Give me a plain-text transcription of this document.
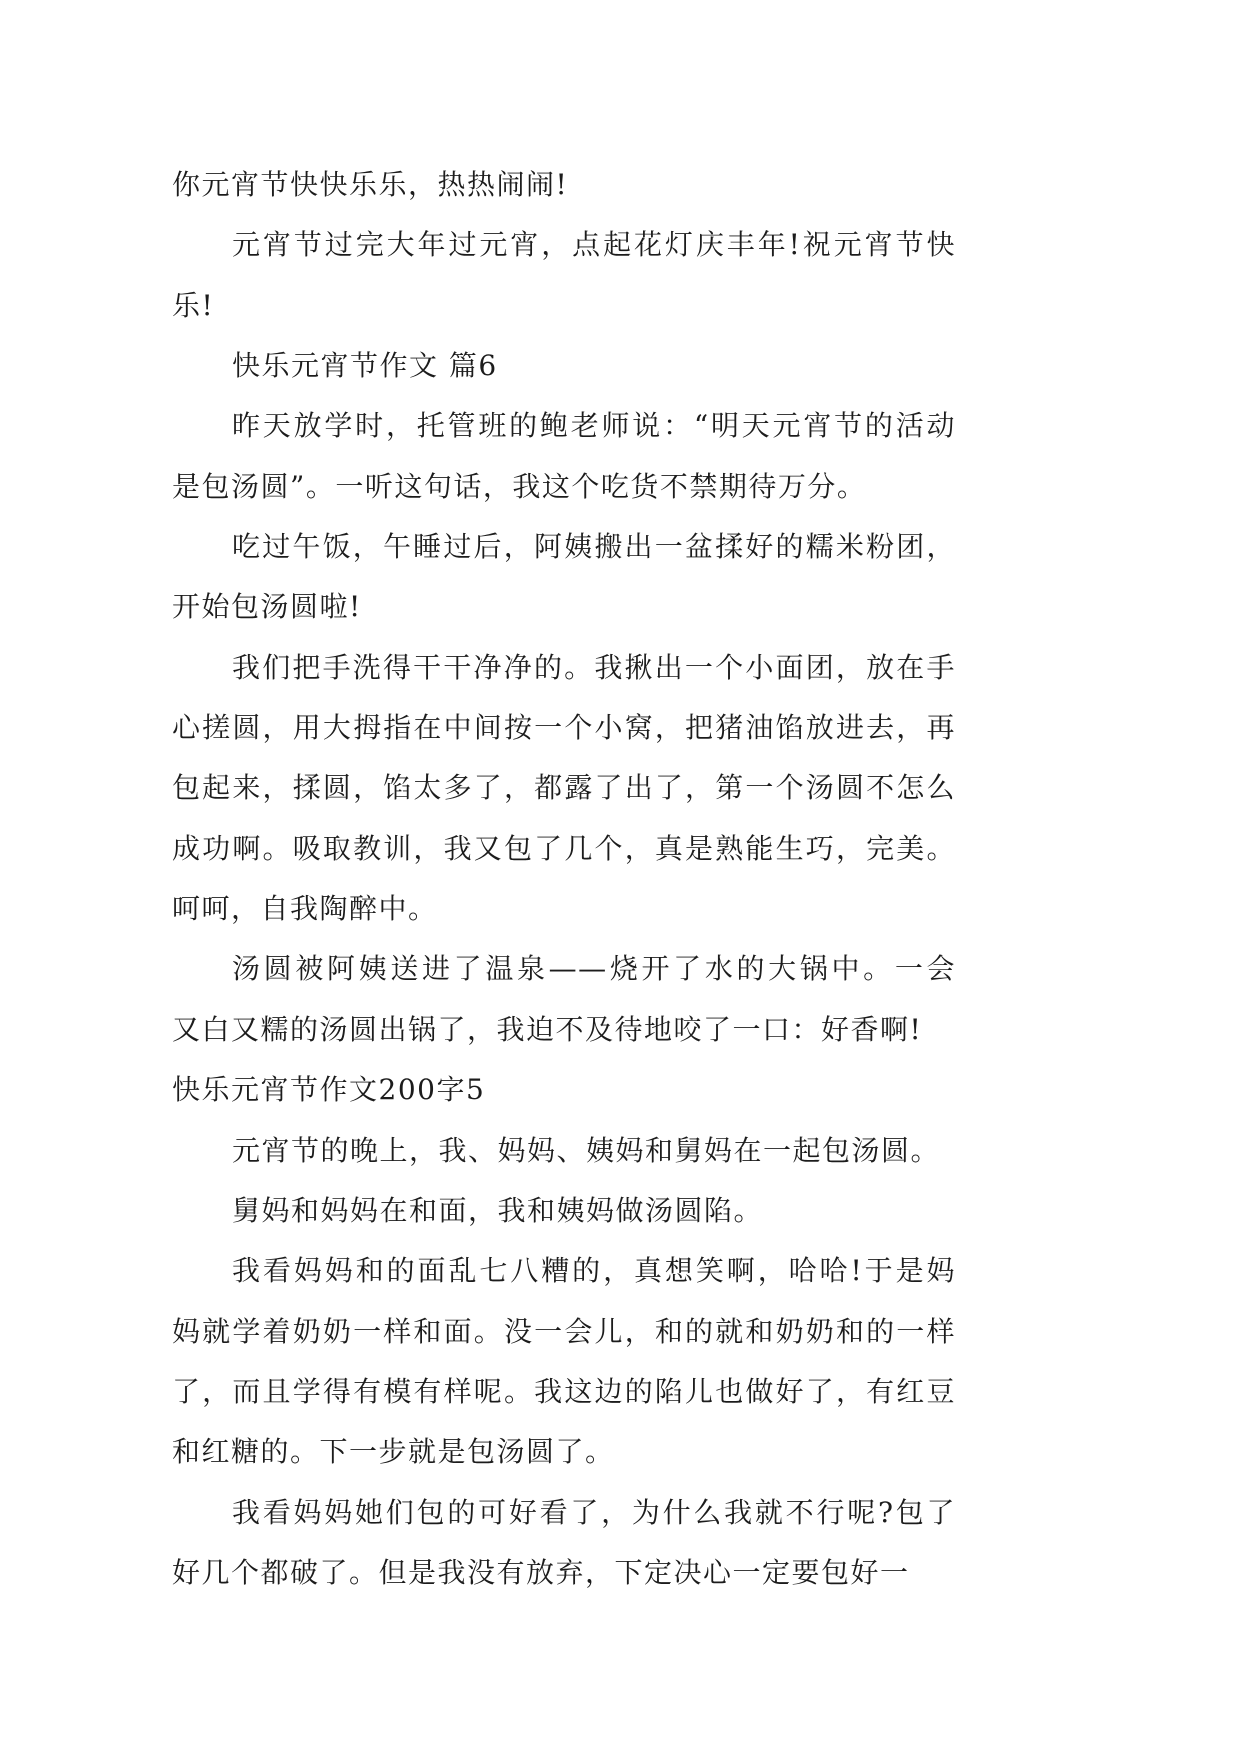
你元宵节快快乐乐，热热闹闹!
元宵节过完大年过元宵，点起花灯庆丰年!祝元宵节快
乐!
快乐元宵节作文 篇6
昨天放学时，托管班的鲍老师说：“明天元宵节的活动
是包汤圆”。一听这句话，我这个吃货不禁期待万分。
吃过午饭，午睡过后，阿姨搬出一盆揉好的糯米粉团，
开始包汤圆啦!
我们把手洗得干干净净的。我揪出一个小面团，放在手
心搓圆，用大拇指在中间按一个小窝，把猪油馅放进去，再
包起来，揉圆，馅太多了，都露了出了，第一个汤圆不怎么
成功啊。吸取教训，我又包了几个，真是熟能生巧，完美。
呵呵，自我陶醉中。
汤圆被阿姨送进了温泉——烧开了水的大锅中。一会
又白又糯的汤圆出锅了，我迫不及待地咬了一口：好香啊!
快乐元宵节作文200字5
元宵节的晚上，我、妈妈、姨妈和舅妈在一起包汤圆。
舅妈和妈妈在和面，我和姨妈做汤圆陷。
我看妈妈和的面乱七八糟的，真想笑啊，哈哈!于是妈
妈就学着奶奶一样和面。没一会儿，和的就和奶奶和的一样
了，而且学得有模有样呢。我这边的陷儿也做好了，有红豆
和红糖的。下一步就是包汤圆了。
我看妈妈她们包的可好看了，为什么我就不行呢?包了
好几个都破了。但是我没有放弃，下定决心一定要包好一
